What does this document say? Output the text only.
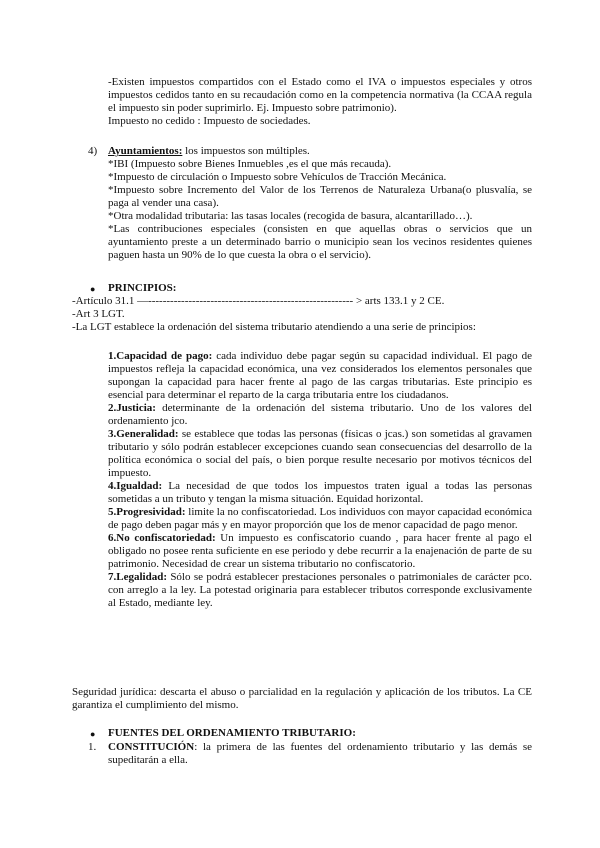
-Existen impuestos compartidos con el Estado como el IVA o impuestos especiales y otros impuestos cedidos tanto en su recaudación como en la competencia normativa (la CCAA regula el impuesto sin poder suprimirlo. Ej. Impuesto sobre patrimonio).

Impuesto no cedido : Impuesto de sociedades.

4) Ayuntamientos: los impuestos son múltiples.

*IBI (Impuesto sobre Bienes Inmuebles ,es el que más recauda).

*Impuesto de circulación o Impuesto sobre Vehículos de Tracción Mecánica.

*Impuesto sobre Incremento del Valor de los Terrenos de Naturaleza Urbana(o plusvalía, se paga al vender una casa).

*Otra modalidad tributaria: las tasas locales (recogida de basura, alcantarillado…).

*Las contribuciones especiales (consisten en que aquellas obras o servicios que un ayuntamiento preste a un determinado barrio o municipio sean los vecinos residentes quienes paguen hasta un 90% de lo que cuesta la obra o el servicio).

● PRINCIPIOS:

-Artículo 31.1 —-------------------------------------------------------- > arts 133.1 y 2 CE.

-Art 3 LGT.

-La LGT establece la ordenación del sistema tributario atendiendo a una serie de principios:

1.Capacidad de pago: cada individuo debe pagar según su capacidad individual. El pago de impuestos refleja la capacidad económica, una vez considerados los elementos personales que supongan la capacidad para hacer frente al pago de las cargas tributarias. Este principio es esencial para determinar el reparto de la carga tributaria entre los ciudadanos.

2.Justicia: determinante de la ordenación del sistema tributario. Uno de los valores del ordenamiento jco.

3.Generalidad: se establece que todas las personas (físicas o jcas.) son sometidas al gravamen tributario y sólo podrán establecer excepciones cuando sean consecuencias del desarrollo de la política económica o social del país, o bien porque resulte necesario por motivos técnicos del impuesto.

4.Igualdad: La necesidad de que todos los impuestos traten igual a todas las personas sometidas a un tributo y tengan la misma situación. Equidad horizontal.

5.Progresividad: limite la no confiscatoriedad. Los individuos con mayor capacidad económica de pago deben pagar más y en mayor proporción que los de menor capacidad de pago menor.

6.No confiscatoriedad: Un impuesto es confiscatorio cuando , para hacer frente al pago el obligado no posee renta suficiente en ese periodo y debe recurrir a la enajenación de parte de su patrimonio. Necesidad de crear un sistema tributario no confiscatorio.

7.Legalidad: Sólo se podrá establecer prestaciones personales o patrimoniales de carácter pco. con arreglo a la ley. La potestad originaria para establecer tributos corresponde exclusivamente al Estado, mediante ley.

Seguridad jurídica: descarta el abuso o parcialidad en la regulación y aplicación de los tributos. La CE garantiza el cumplimiento del mismo.

● FUENTES DEL ORDENAMIENTO TRIBUTARIO:
1.	CONSTITUCIÓN: la primera de las fuentes del ordenamiento tributario y las demás se supeditarán a ella.
